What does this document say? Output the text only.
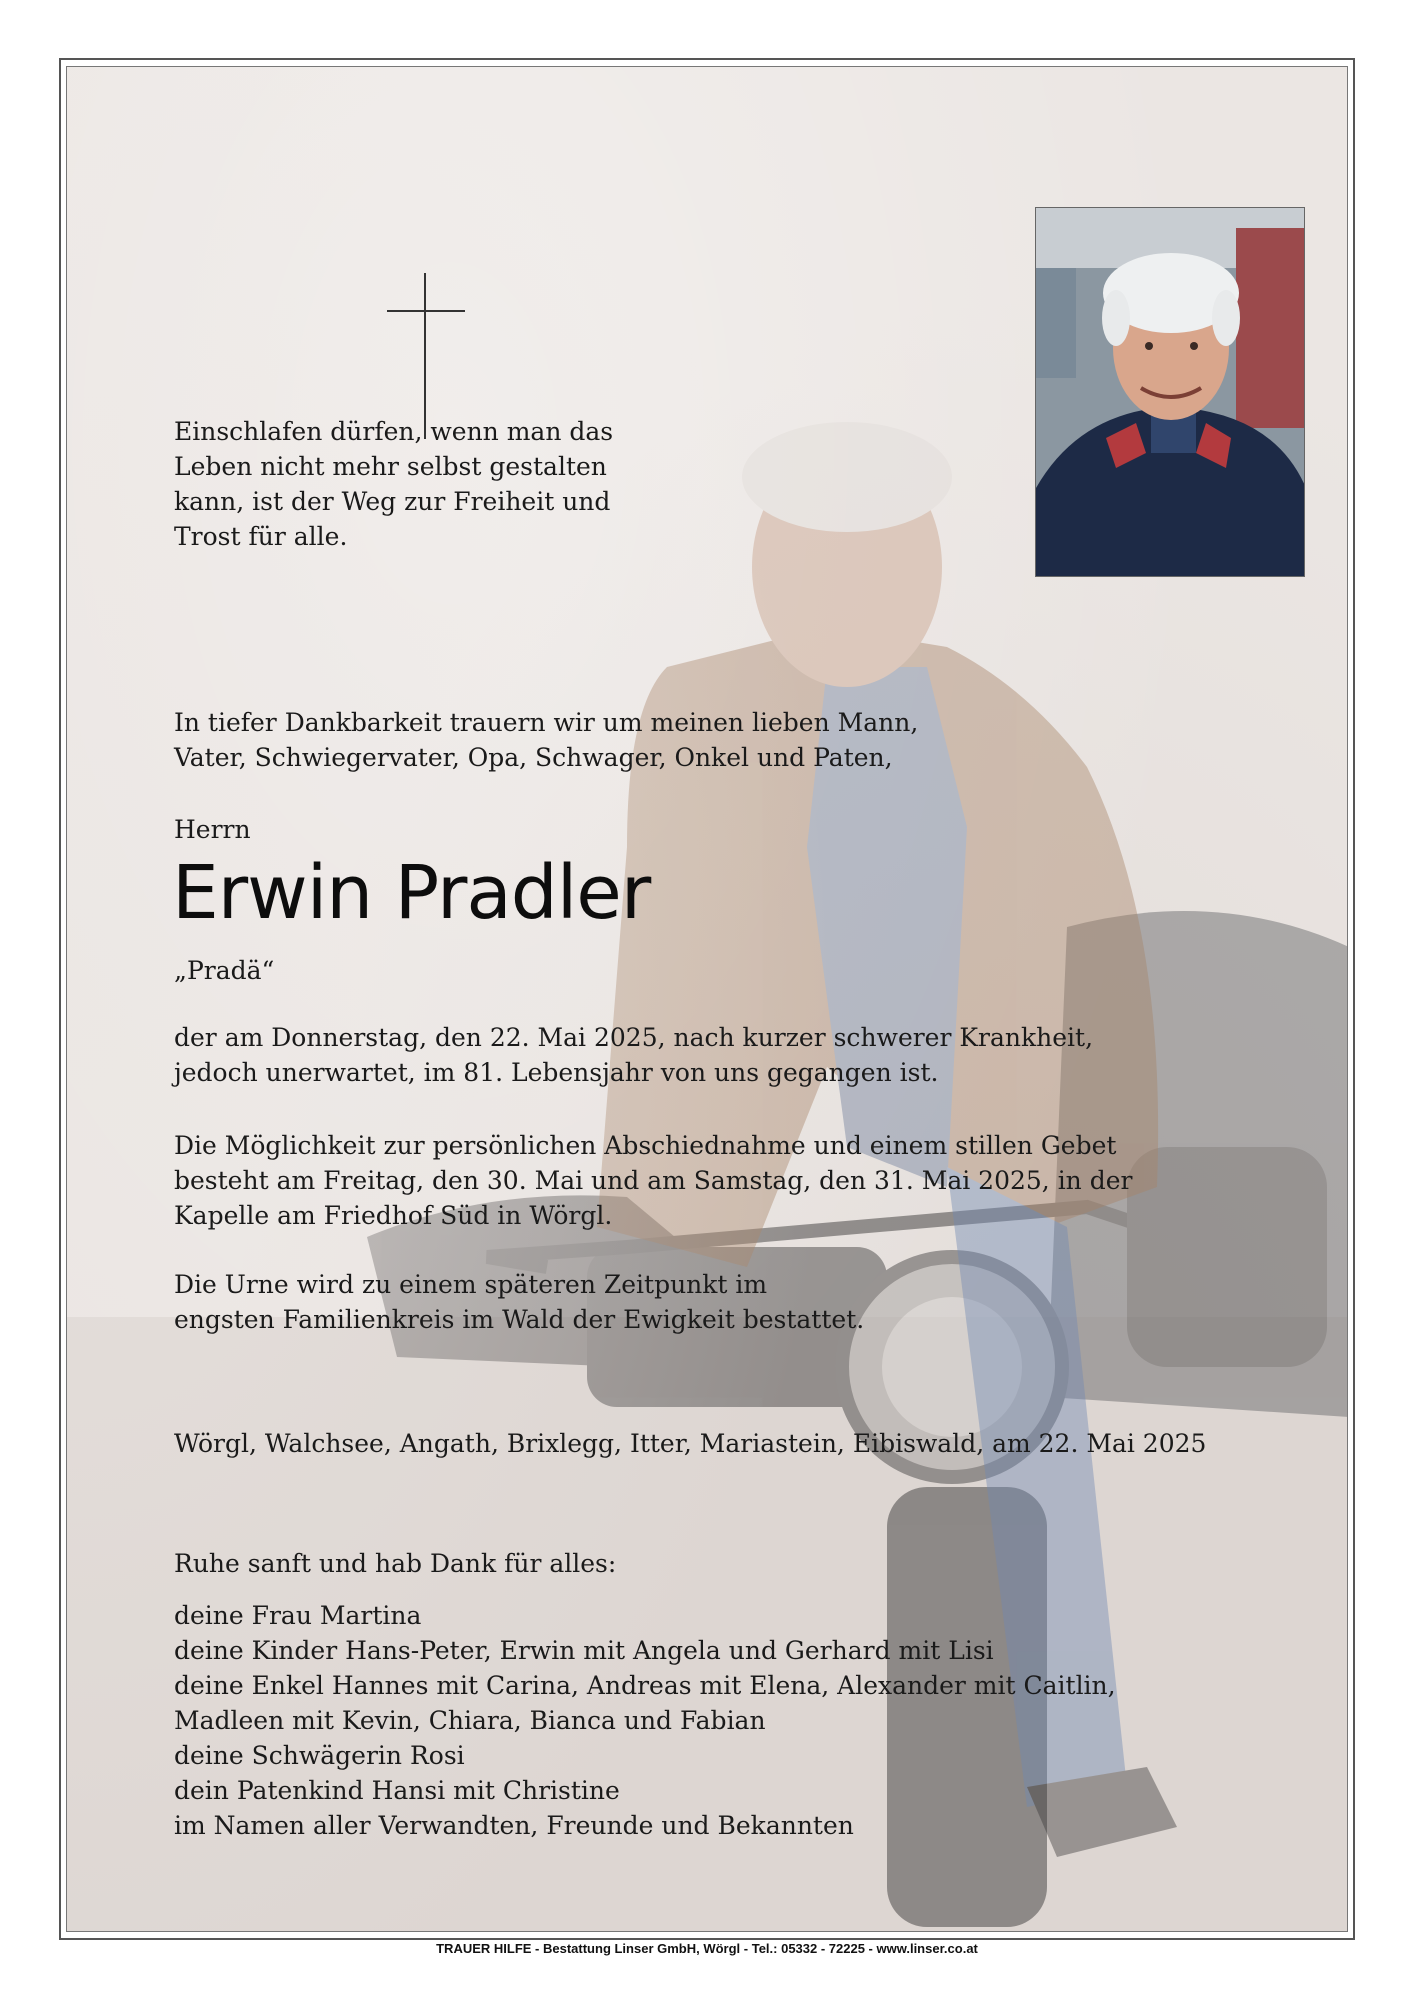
Einschlafen dürfen, wenn man das
Leben nicht mehr selbst gestalten
kann, ist der Weg zur Freiheit und
Trost für alle.
In tiefer Dankbarkeit trauern wir um meinen lieben Mann,
Vater, Schwiegervater, Opa, Schwager, Onkel und Paten,
Herrn
Erwin Pradler
„Pradä“
der am Donnerstag, den 22. Mai 2025, nach kurzer schwerer Krankheit,
jedoch unerwartet, im 81. Lebensjahr von uns gegangen ist.
Die Möglichkeit zur persönlichen Abschiednahme und einem stillen Gebet
besteht am Freitag, den 30. Mai und am Samstag, den 31. Mai 2025, in der
Kapelle am Friedhof Süd in Wörgl.
Die Urne wird zu einem späteren Zeitpunkt im
engsten Familienkreis im Wald der Ewigkeit bestattet.
Wörgl, Walchsee, Angath, Brixlegg, Itter, Mariastein, Eibiswald, am 22. Mai 2025
Ruhe sanft und hab Dank für alles:
deine Frau Martina
deine Kinder Hans-Peter, Erwin mit Angela und Gerhard mit Lisi
deine Enkel Hannes mit Carina, Andreas mit Elena, Alexander mit Caitlin,
Madleen mit Kevin, Chiara, Bianca und Fabian
deine Schwägerin Rosi
dein Patenkind Hansi mit Christine
im Namen aller Verwandten, Freunde und Bekannten
TRAUER HILFE - Bestattung Linser GmbH, Wörgl - Tel.: 05332 - 72225 - www.linser.co.at
